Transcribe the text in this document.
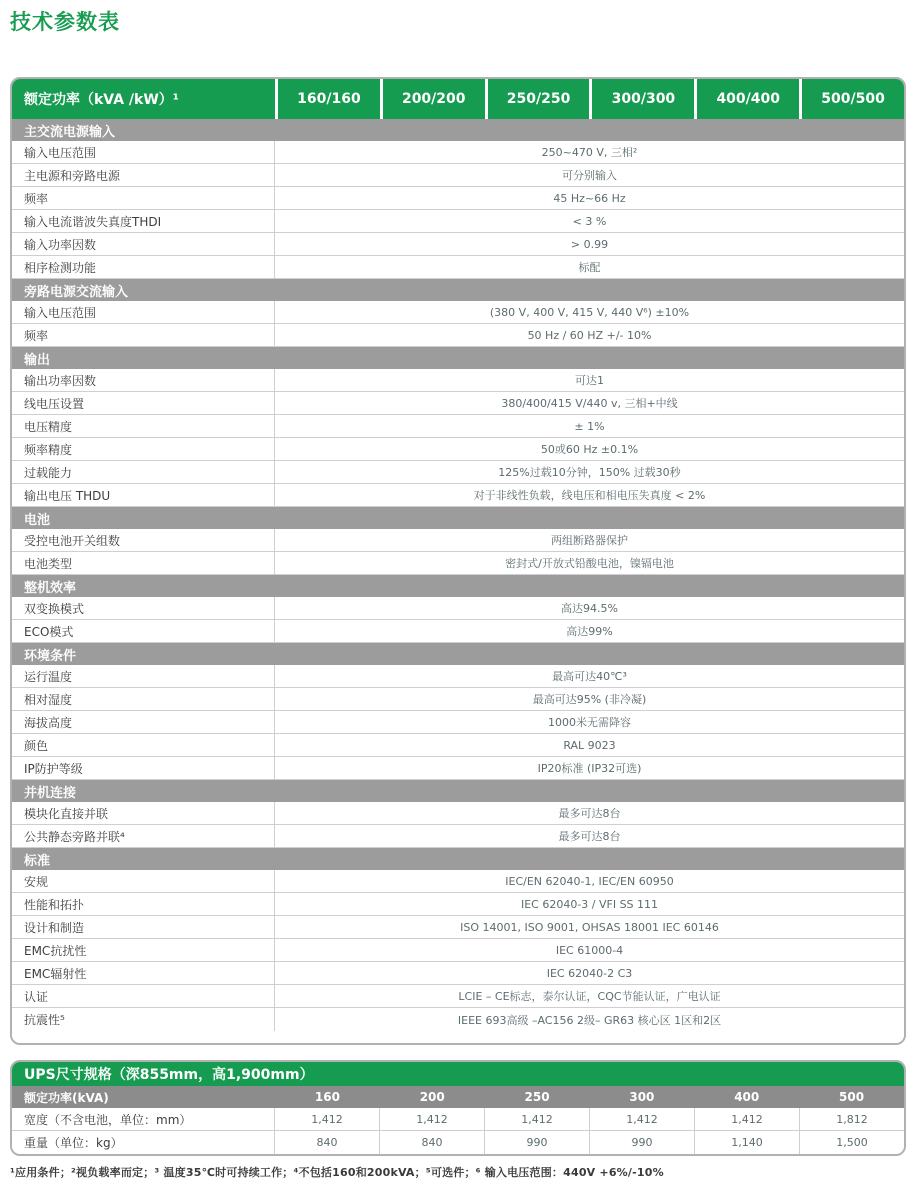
技术参数表
额定功率（kVA /kW）¹	160/160	200/200	250/250	300/300	400/400	500/500
主交流电源输入
输入电压范围	250~470 V, 三相²
主电源和旁路电源	可分别输入
频率	45 Hz~66 Hz
输入电流谐波失真度THDI	< 3 %
输入功率因数	> 0.99
相序检测功能	标配
旁路电源交流输入
输入电压范围	(380 V, 400 V, 415 V, 440 V⁶) ±10%
频率	50 Hz / 60 HZ +/- 10%
输出
输出功率因数	可达1
线电压设置	380/400/415 V/440 v, 三相+中线
电压精度	± 1%
频率精度	50或60 Hz ±0.1%
过载能力	125%过载10分钟，150% 过载30秒
输出电压 THDU	对于非线性负载，线电压和相电压失真度 < 2%
电池
受控电池开关组数	两组断路器保护
电池类型	密封式/开放式铅酸电池，镍镉电池
整机效率
双变换模式	高达94.5%
ECO模式	高达99%
环境条件
运行温度	最高可达40℃³
相对湿度	最高可达95% (非冷凝)
海拔高度	1000米无需降容
颜色	RAL 9023
IP防护等级	IP20标准 (IP32可选)
并机连接
模块化直接并联	最多可达8台
公共静态旁路并联⁴	最多可达8台
标准
安规	IEC/EN 62040-1, IEC/EN 60950
性能和拓扑	IEC 62040-3 / VFI SS 111
设计和制造	ISO 14001, ISO 9001, OHSAS 18001 IEC 60146
EMC抗扰性	IEC 61000-4
EMC辐射性	IEC 62040-2 C3
认证	LCIE – CE标志，泰尔认证，CQC节能认证，广电认证
抗震性⁵	IEEE 693高级 –AC156 2级– GR63 核心区 1区和2区
UPS尺寸规格（深855mm，高1,900mm）
额定功率(kVA)	160	200	250	300	400	500
宽度（不含电池，单位：mm）	1,412	1,412	1,412	1,412	1,412	1,812
重量（单位：kg）	840	840	990	990	1,140	1,500
¹应用条件；²视负载率而定；³ 温度35℃时可持续工作；⁴不包括160和200kVA；⁵可选件；⁶ 输入电压范围：440V +6%/-10%
